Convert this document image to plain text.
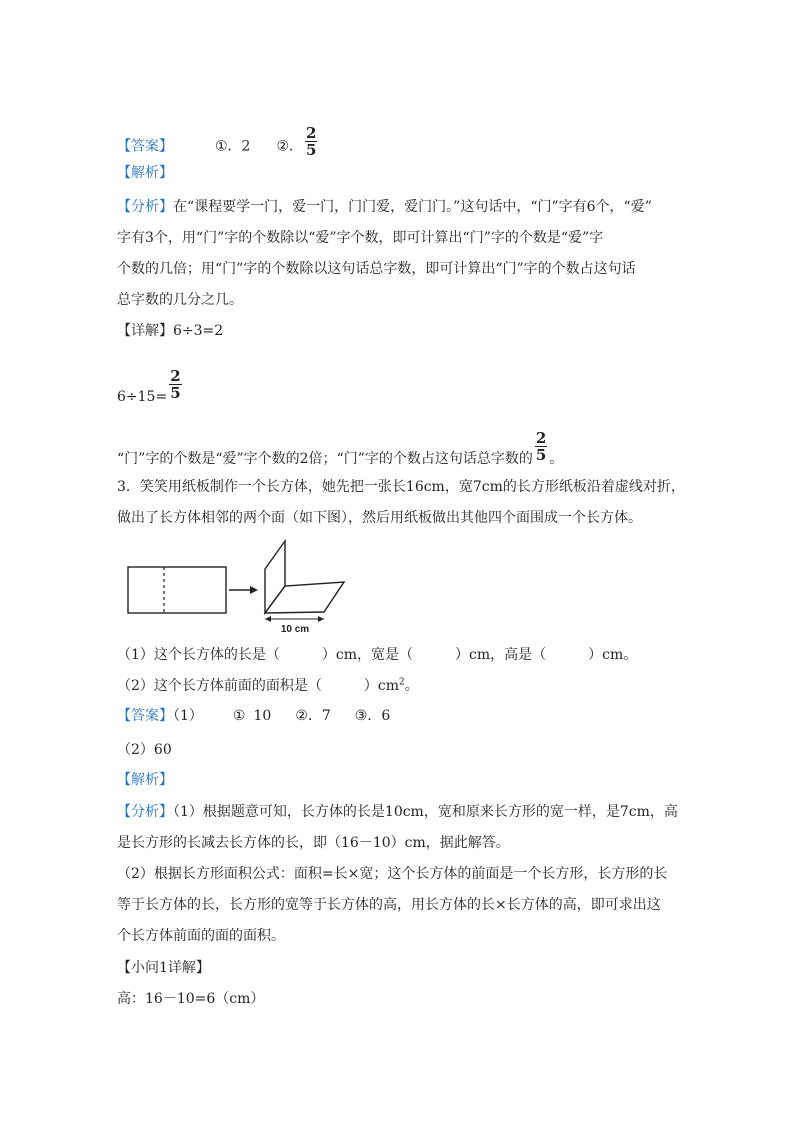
【答案】	①．2 ②． $\frac{2}{5}$
【解析】
【分析】在“课程要学一门，爱一门，门门爱，爱门门。”这句话中，“门”字有6个，“爱”
字有3个，用“门”字的个数除以“爱”字个数，即可计算出“门”字的个数是“爱”字
个数的几倍；用“门”字的个数除以这句话总字数，即可计算出“门”字的个数占这句话
总字数的几分之几。
【详解】6÷3=2
$6\div 15= \frac{2}{5}$
“门”字的个数是“爱”字个数的2倍；“门”字的个数占这句话总字数的 $\frac{2}{5}$ 。
3．笑笑用纸板制作一个长方体，她先把一张长16cm，宽7cm的长方形纸板沿着虚线对折，
做出了长方体相邻的两个面（如下图），然后用纸板做出其他四个面围成一个长方体。
10 cm
（1）这个长方体的长是（	）cm，宽是（	）cm，高是（	）cm。
（2）这个长方体前面的面积是（	）$cm^2$。
【答案】（1） ① 10 ②．7 ③．6
（2）60
【解析】
【分析】（1）根据题意可知，长方体的长是10cm，宽和原来长方形的宽一样，是7cm，高
是长方形的长减去长方体的长，即（16－10）cm，据此解答。
（2）根据长方形面积公式：面积=长×宽；这个长方体的前面是一个长方形，长方形的长
等于长方体的长，长方形的宽等于长方体的高，用长方体的长×长方体的高，即可求出这
个长方体前面的面的面积。
【小问1详解】
高：16－10=6（cm）
